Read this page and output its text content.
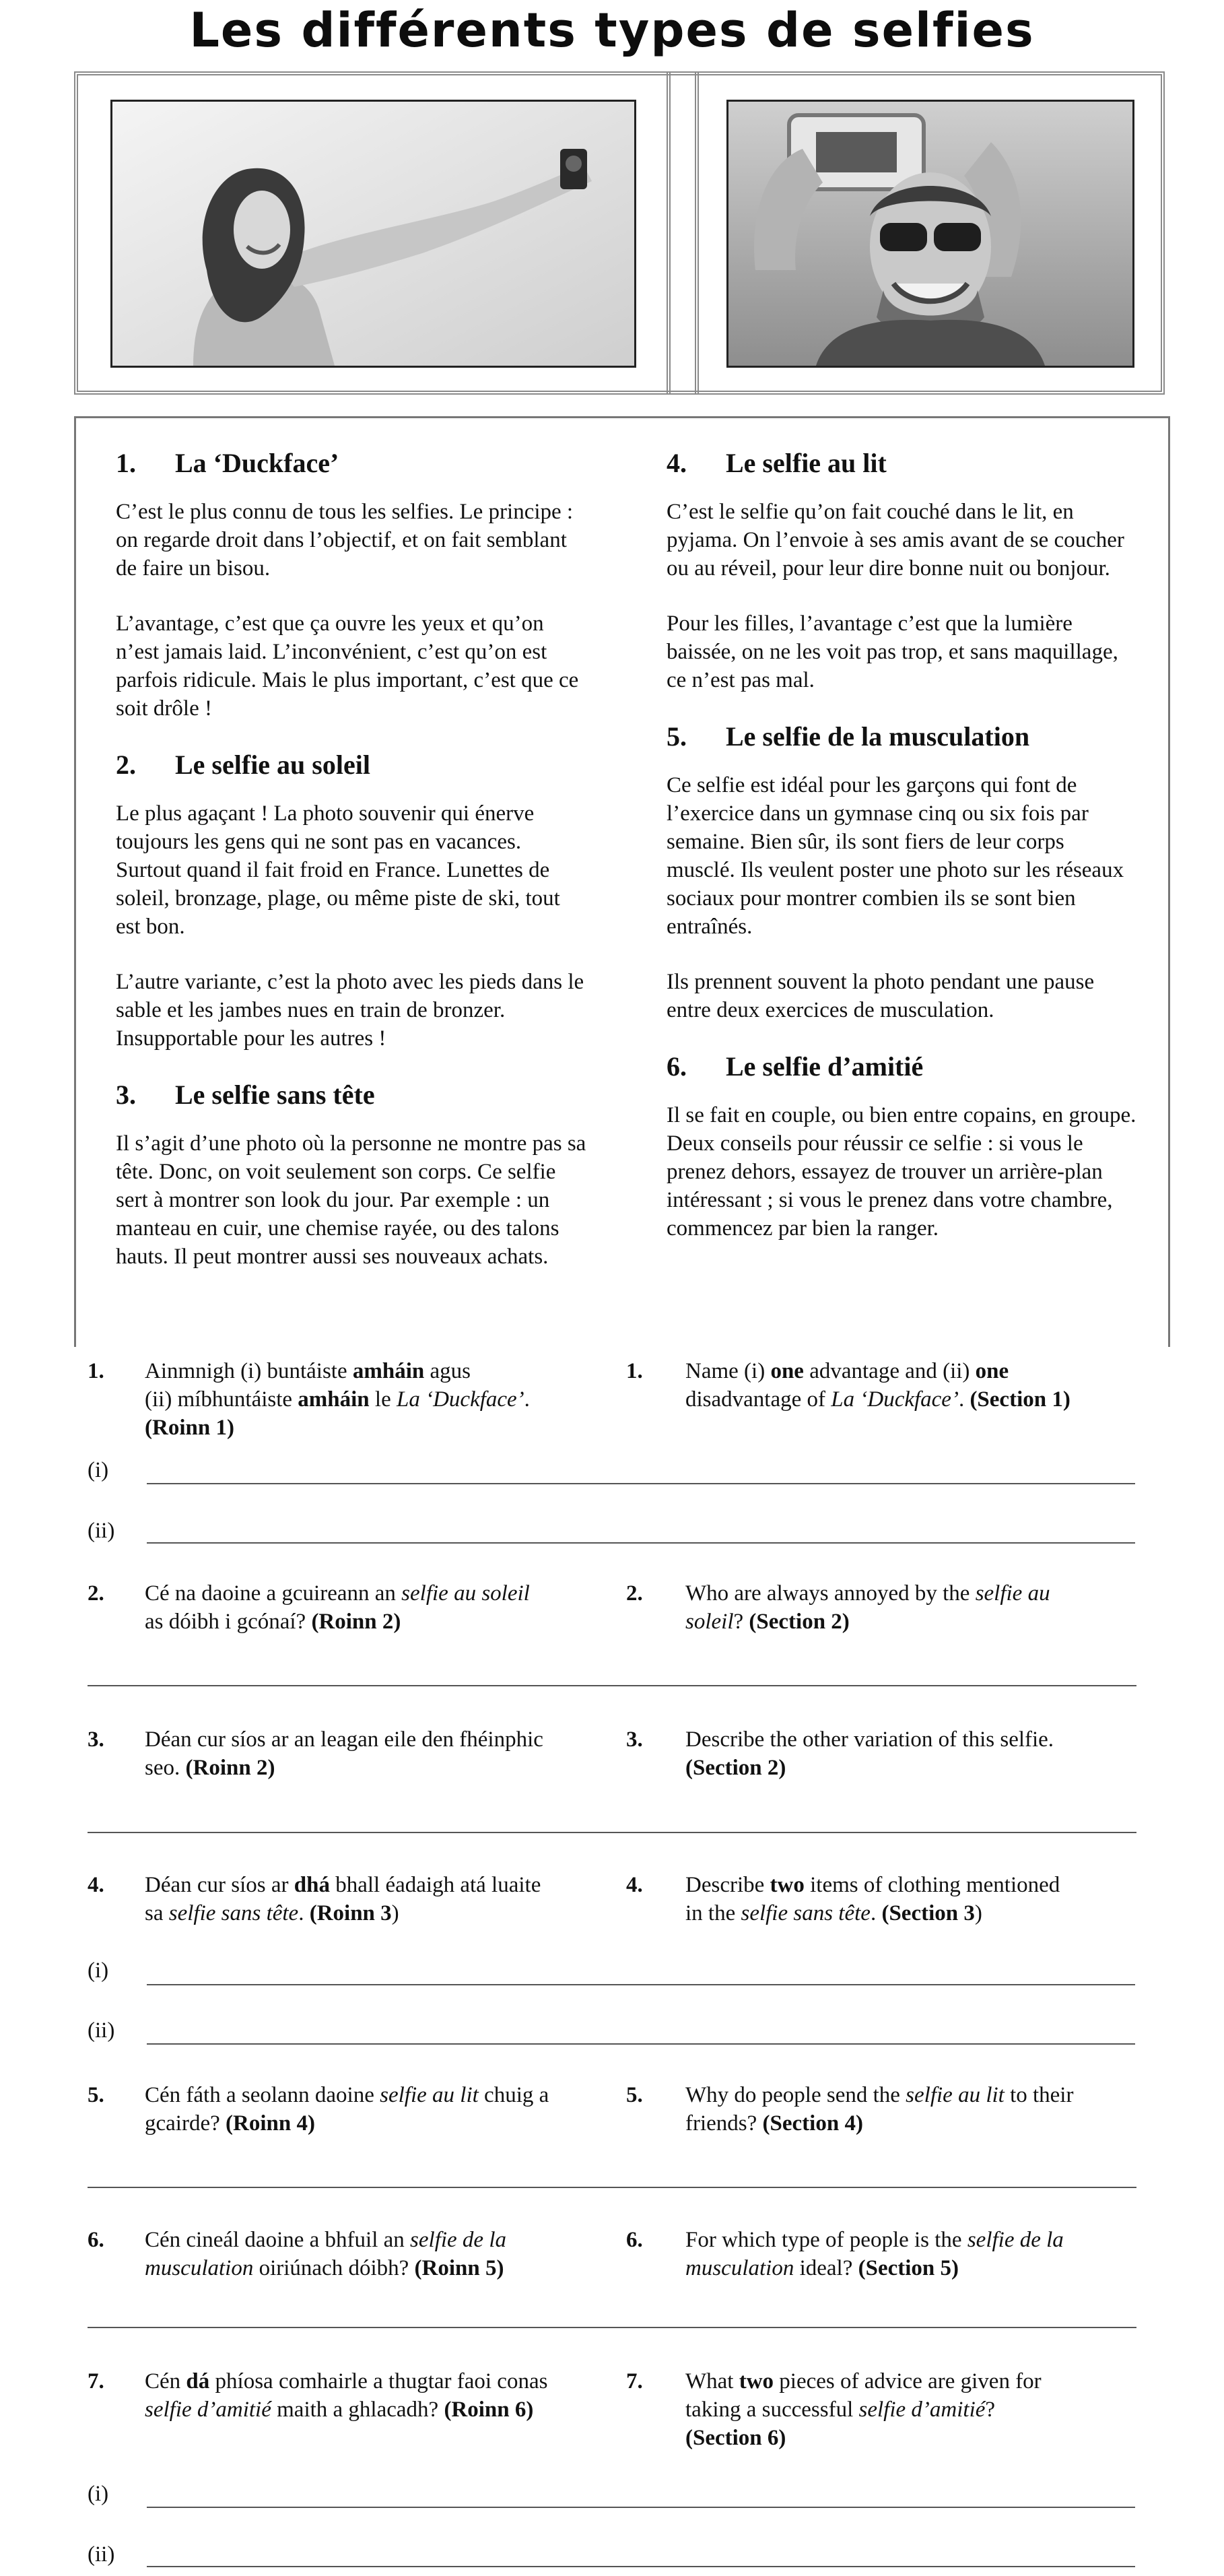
Les différents types de selfies
1.	La ‘Duckface’

C’est le plus connu de tous les selfies. Le principe : on regarde droit dans l’objectif, et on fait semblant de faire un bisou.

L’avantage, c’est que ça ouvre les yeux et qu’on n’est jamais laid. L’inconvénient, c’est qu’on est parfois ridicule. Mais le plus important, c’est que ce soit drôle !

2.	Le selfie au soleil

Le plus agaçant ! La photo souvenir qui énerve toujours les gens qui ne sont pas en vacances. Surtout quand il fait froid en France. Lunettes de soleil, bronzage, plage, ou même piste de ski, tout est bon.

L’autre variante, c’est la photo avec les pieds dans le sable et les jambes nues en train de bronzer. Insupportable pour les autres !

3.	Le selfie sans tête

Il s’agit d’une photo où la personne ne montre pas sa tête. Donc, on voit seulement son corps. Ce selfie sert à montrer son look du jour. Par exemple : un manteau en cuir, une chemise rayée, ou des talons hauts. Il peut montrer aussi ses nouveaux achats.

4.	Le selfie au lit

C’est le selfie qu’on fait couché dans le lit, en pyjama. On l’envoie à ses amis avant de se coucher ou au réveil, pour leur dire bonne nuit ou bonjour.

Pour les filles, l’avantage c’est que la lumière baissée, on ne les voit pas trop, et sans maquillage, ce n’est pas mal.

5.	Le selfie de la musculation

Ce selfie est idéal pour les garçons qui font de l’exercice dans un gymnase cinq ou six fois par semaine. Bien sûr, ils sont fiers de leur corps musclé. Ils veulent poster une photo sur les réseaux sociaux pour montrer combien ils se sont bien entraînés.

Ils prennent souvent la photo pendant une pause entre deux exercices de musculation.

6.	Le selfie d’amitié

Il se fait en couple, ou bien entre copains, en groupe. Deux conseils pour réussir ce selfie : si vous le prenez dehors, essayez de trouver un arrière-plan intéressant ; si vous le prenez dans votre chambre, commencez par bien la ranger.

1. Ainmnigh (i) buntáiste amháin agus
(ii) míbhuntáiste amháin le La ‘Duckface’.
(Roinn 1)
1. Name (i) one advantage and (ii) one
disadvantage of La ‘Duckface’. (Section 1)
(i)
(ii)
2. Cé na daoine a gcuireann an selfie au soleil
as dóibh i gcónaí? (Roinn 2)
2. Who are always annoyed by the selfie au
soleil? (Section 2)
3. Déan cur síos ar an leagan eile den fhéinphic
seo. (Roinn 2)
3. Describe the other variation of this selfie.
(Section 2)
4. Déan cur síos ar dhá bhall éadaigh atá luaite
sa selfie sans tête. (Roinn 3)
4. Describe two items of clothing mentioned
in the selfie sans tête. (Section 3)
(i)
(ii)
5. Cén fáth a seolann daoine selfie au lit chuig a
gcairde? (Roinn 4)
5. Why do people send the selfie au lit to their
friends? (Section 4)
6. Cén cineál daoine a bhfuil an selfie de la
musculation oiriúnach dóibh? (Roinn 5)
6. For which type of people is the selfie de la
musculation ideal? (Section 5)
7. Cén dá phíosa comhairle a thugtar faoi conas
selfie d’amitié maith a ghlacadh? (Roinn 6)
7. What two pieces of advice are given for
taking a successful selfie d’amitié?
(Section 6)
(i)
(ii)
